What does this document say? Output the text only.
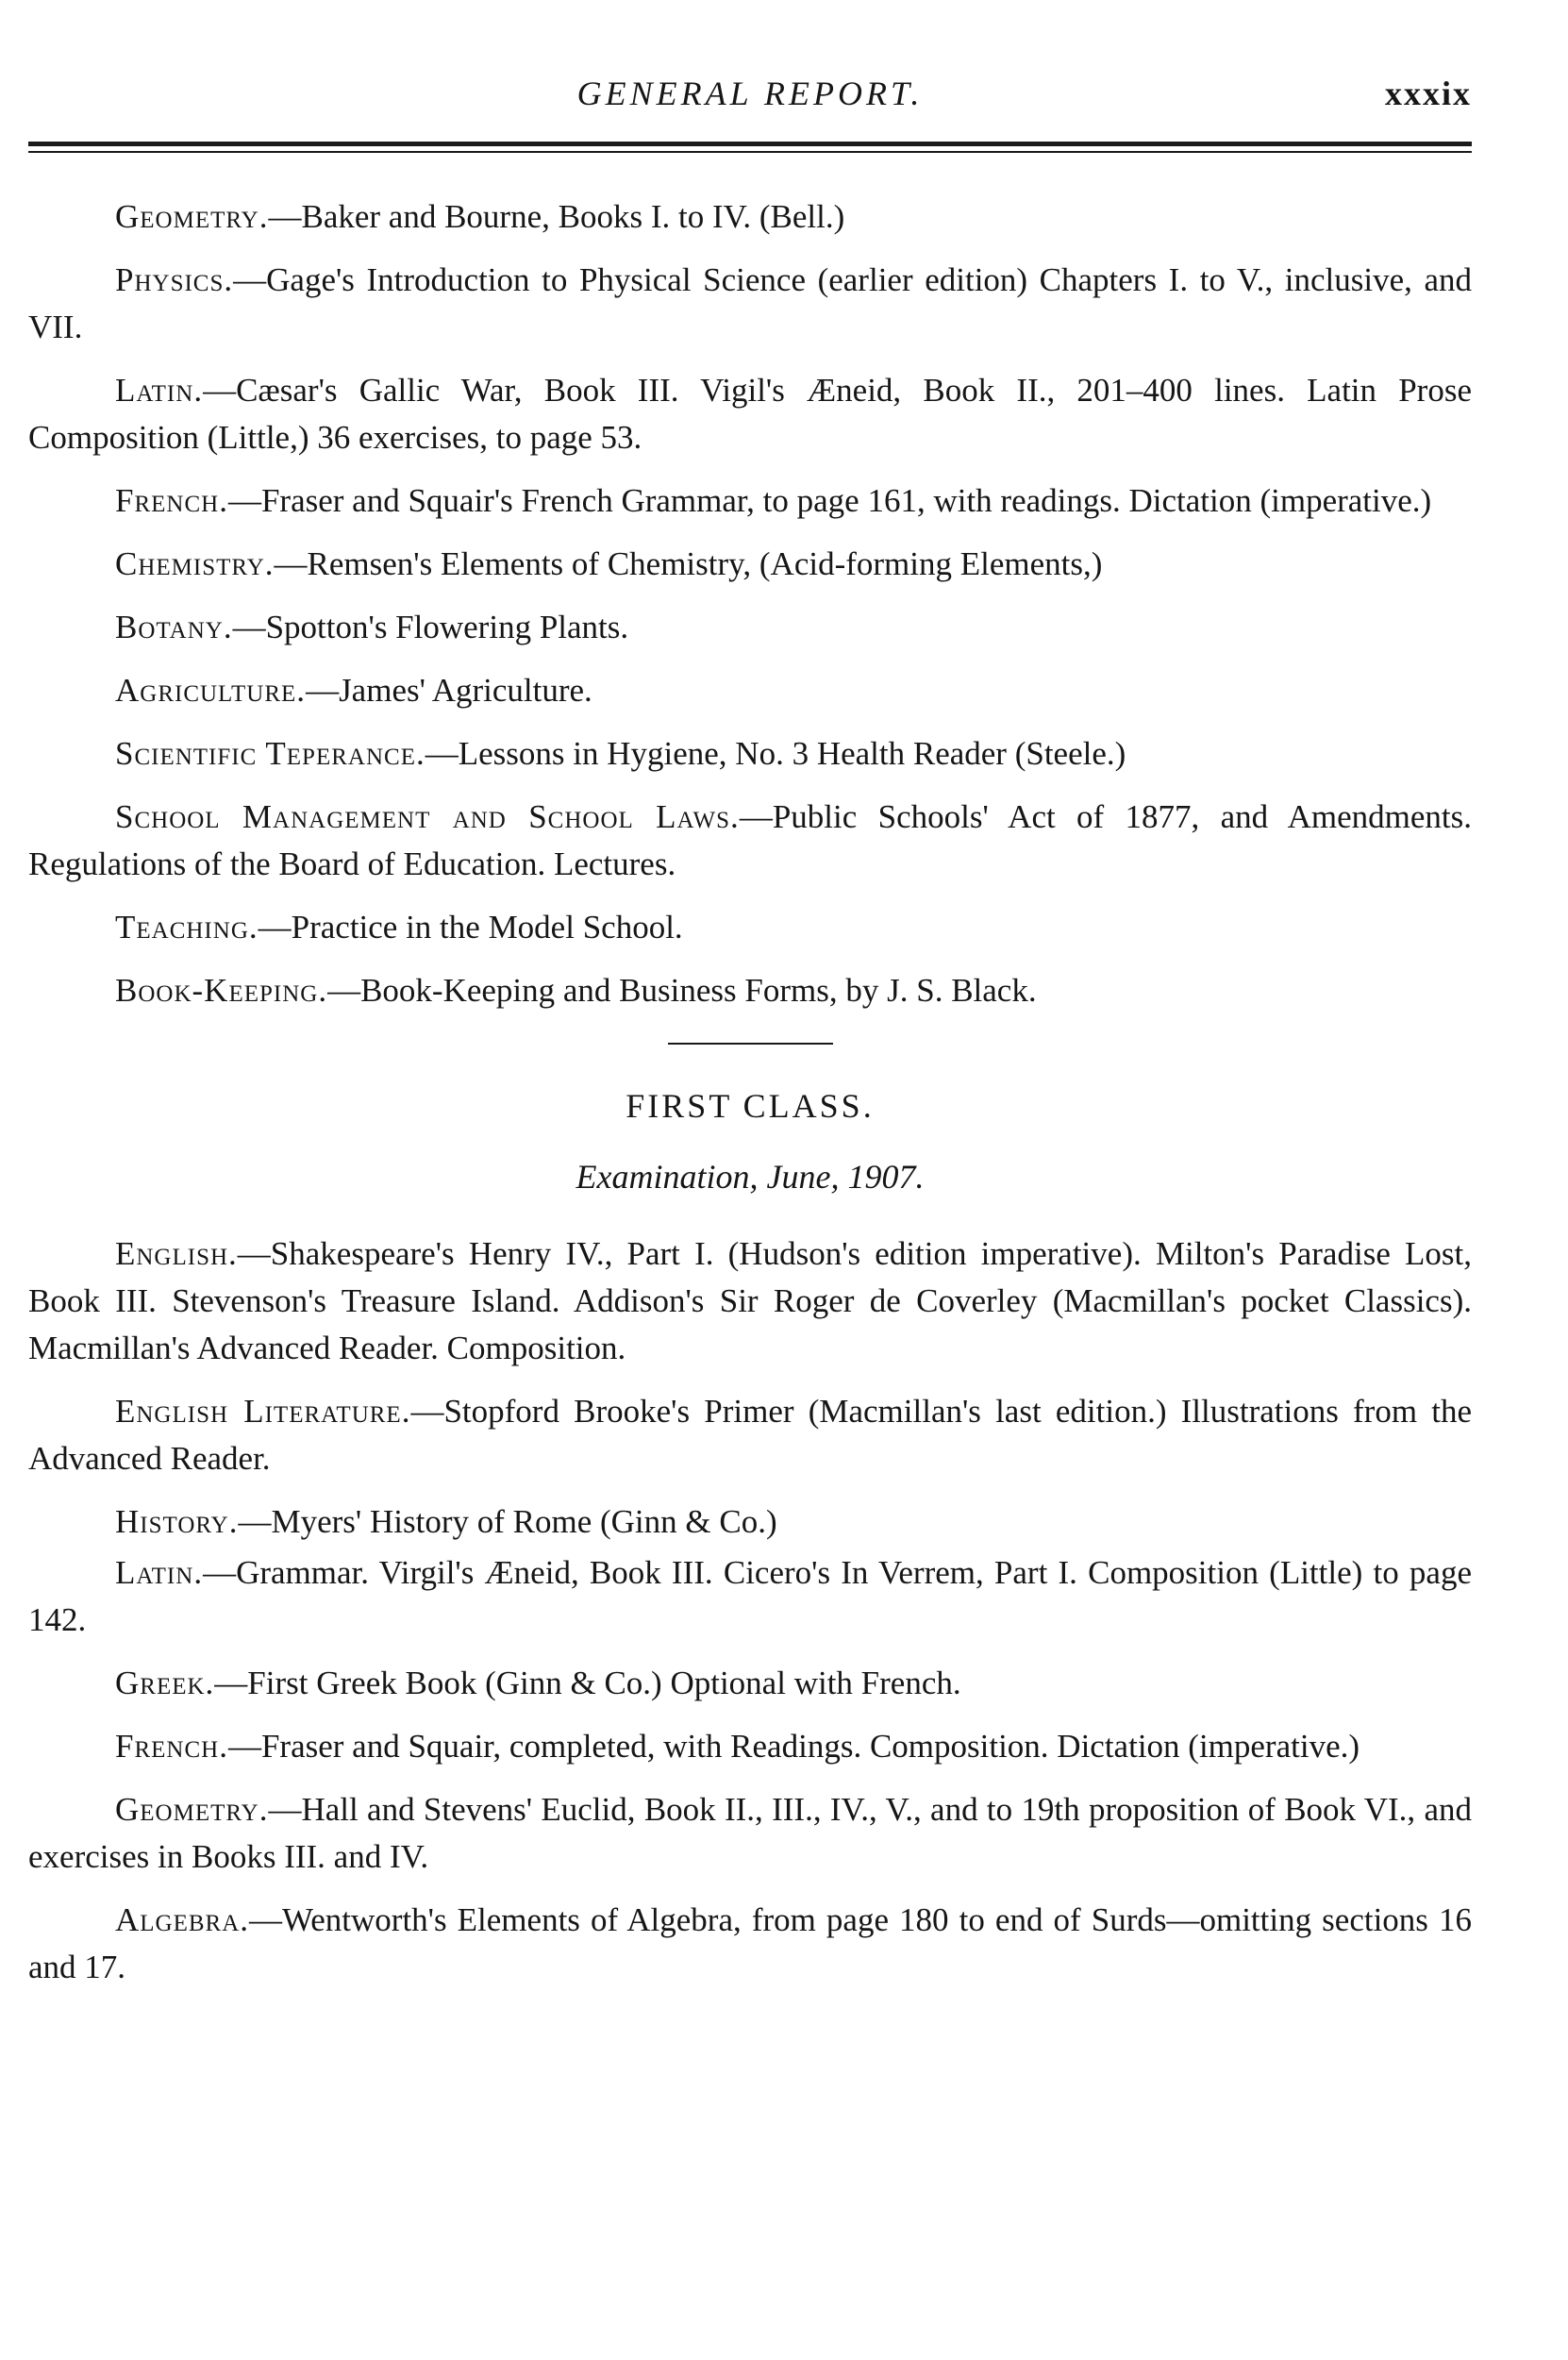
GENERAL REPORT.	xxxix

Geometry.—Baker and Bourne, Books I. to IV. (Bell.)

Physics.—Gage's Introduction to Physical Science (earlier edition) Chapters I. to V., inclusive, and VII.

Latin.—Cæsar's Gallic War, Book III. Vigil's Æneid, Book II., 201–400 lines. Latin Prose Composition (Little,) 36 exercises, to page 53.

French.—Fraser and Squair's French Grammar, to page 161, with readings. Dictation (imperative.)

Chemistry.—Remsen's Elements of Chemistry, (Acid-forming Elements,)

Botany.—Spotton's Flowering Plants.

Agriculture.—James' Agriculture.

Scientific Teperance.—Lessons in Hygiene, No. 3 Health Reader (Steele.)

School Management and School Laws.—Public Schools' Act of 1877, and Amendments. Regulations of the Board of Education. Lectures.

Teaching.—Practice in the Model School.

Book-Keeping.—Book-Keeping and Business Forms, by J. S. Black.

FIRST CLASS.
Examination, June, 1907.

English.—Shakespeare's Henry IV., Part I. (Hudson's edition imperative). Milton's Paradise Lost, Book III. Stevenson's Treasure Island. Addison's Sir Roger de Coverley (Macmillan's pocket Classics). Macmillan's Advanced Reader. Composition.

English Literature.—Stopford Brooke's Primer (Macmillan's last edition.) Illustrations from the Advanced Reader.

History.—Myers' History of Rome (Ginn & Co.)

Latin.—Grammar. Virgil's Æneid, Book III. Cicero's In Verrem, Part I. Composition (Little) to page 142.

Greek.—First Greek Book (Ginn & Co.) Optional with French.

French.—Fraser and Squair, completed, with Readings. Composition. Dictation (imperative.)

Geometry.—Hall and Stevens' Euclid, Book II., III., IV., V., and to 19th proposition of Book VI., and exercises in Books III. and IV.

Algebra.—Wentworth's Elements of Algebra, from page 180 to end of Surds—omitting sections 16 and 17.
